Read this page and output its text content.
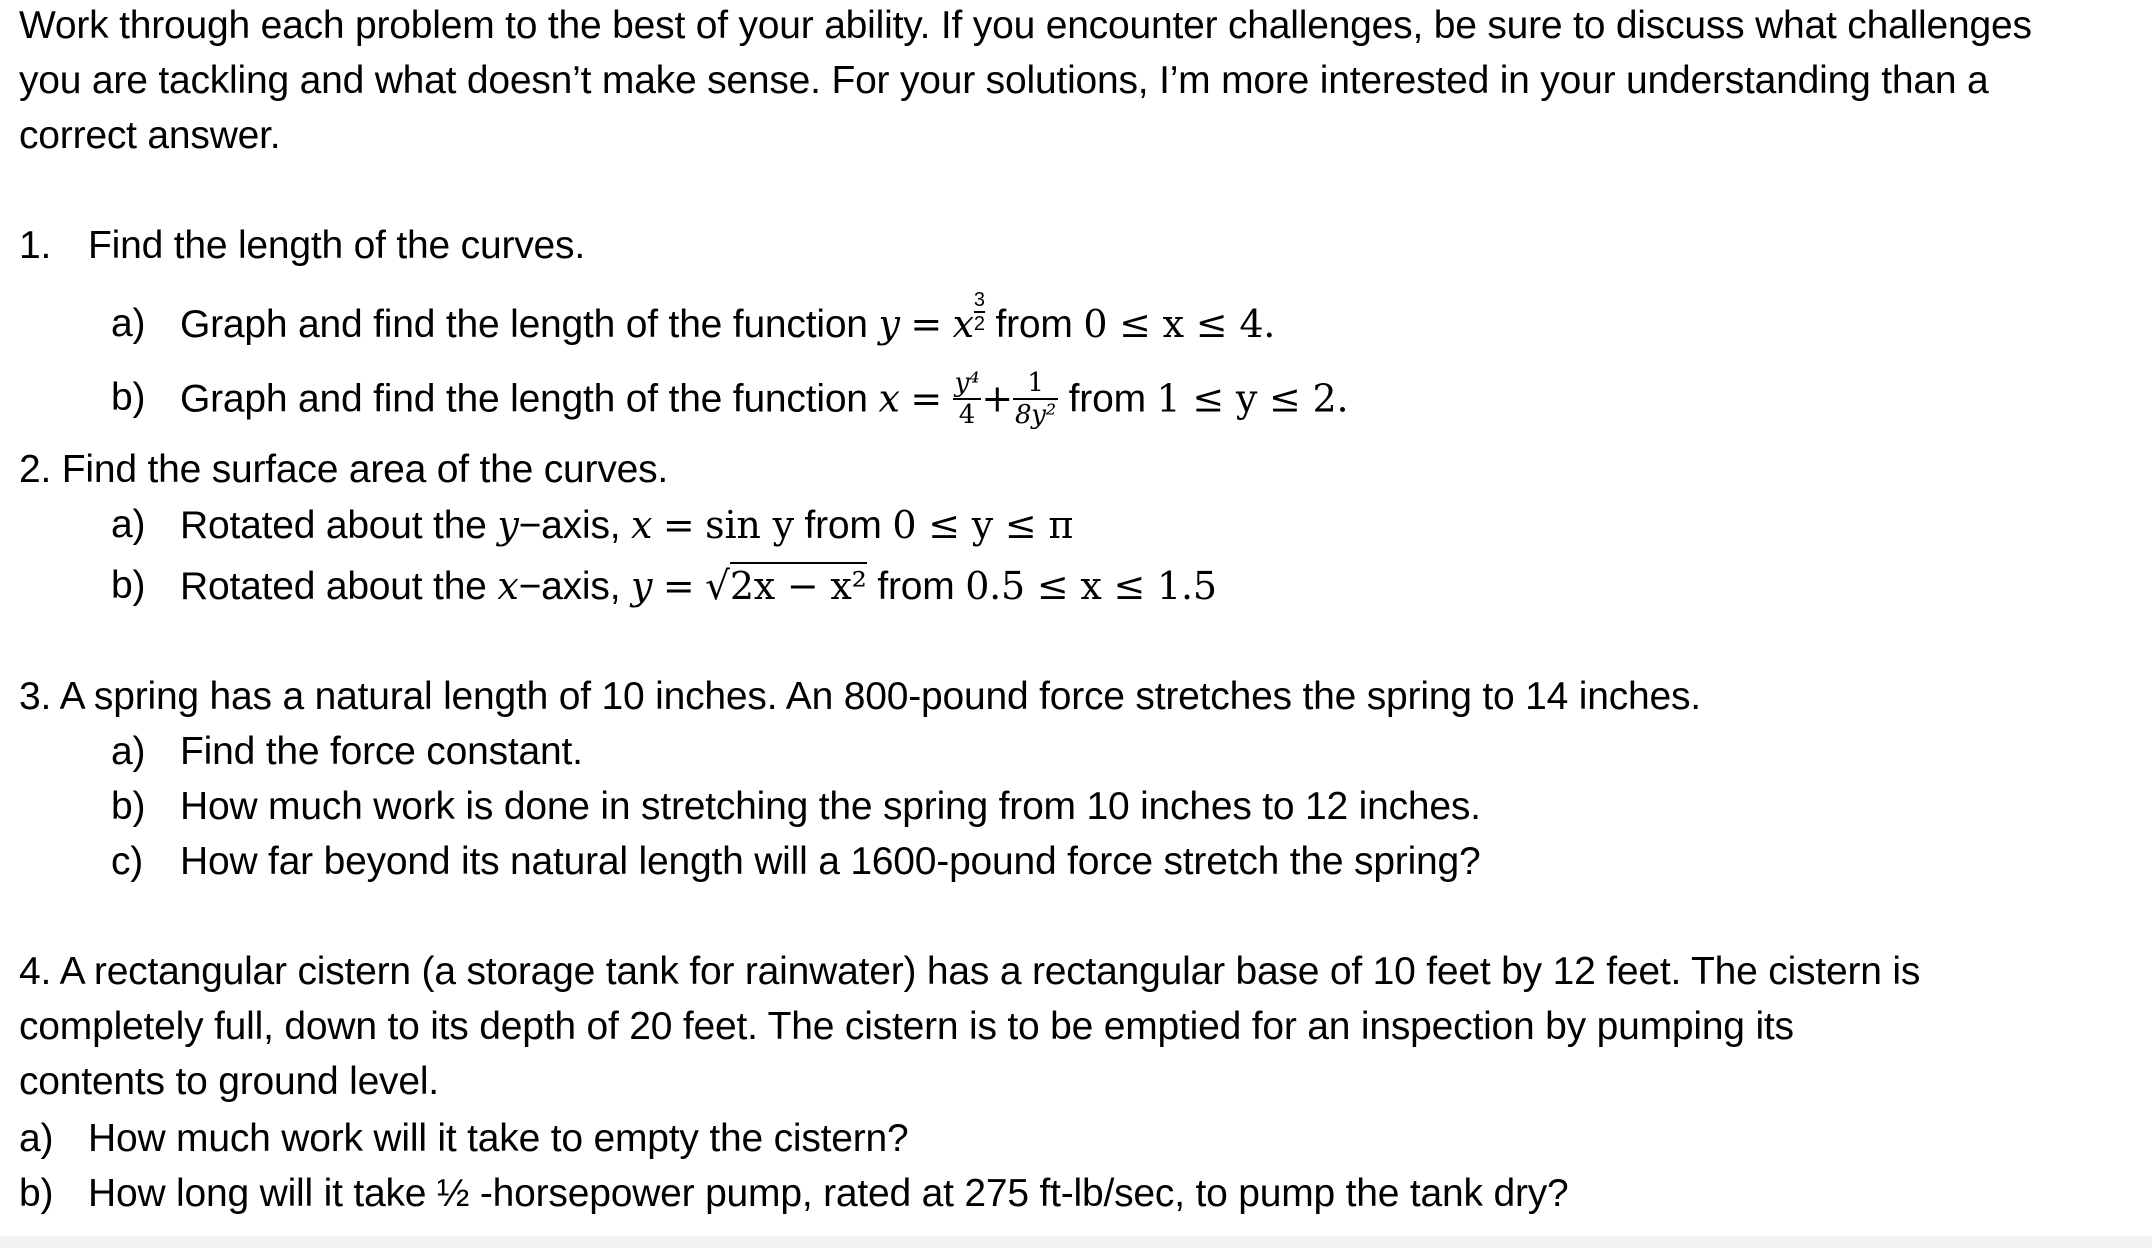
Work through each problem to the best of your ability. If you encounter challenges, be sure to discuss what challenges you are tackling and what doesn’t make sense. For your solutions, I’m more interested in your understanding than a correct answer.
1. Find the length of the curves.
a) Graph and find the length of the function y = x $\frac{3}{2}$ from 0 ≤ x ≤ 4.
b) Graph and find the length of the function $x = \frac{\text{y⁴}}{4} + \frac{1}{\text{8y²}}$ from 1 ≤ y ≤ 2.
2. Find the surface area of the curves.
a) Rotated about the y−axis, x = sin y from 0 ≤ y ≤ π
b) Rotated about the x−axis, y = √2x − x² from 0.5 ≤ x ≤ 1.5
3. A spring has a natural length of 10 inches. An 800-pound force stretches the spring to 14 inches.
a) Find the force constant.
b) How much work is done in stretching the spring from 10 inches to 12 inches.
c) How far beyond its natural length will a 1600-pound force stretch the spring?
4. A rectangular cistern (a storage tank for rainwater) has a rectangular base of 10 feet by 12 feet. The cistern is
completely full, down to its depth of 20 feet. The cistern is to be emptied for an inspection by pumping its
contents to ground level.
a) How much work will it take to empty the cistern?
b) How long will it take ½ -horsepower pump, rated at 275 ft-lb/sec, to pump the tank dry?
